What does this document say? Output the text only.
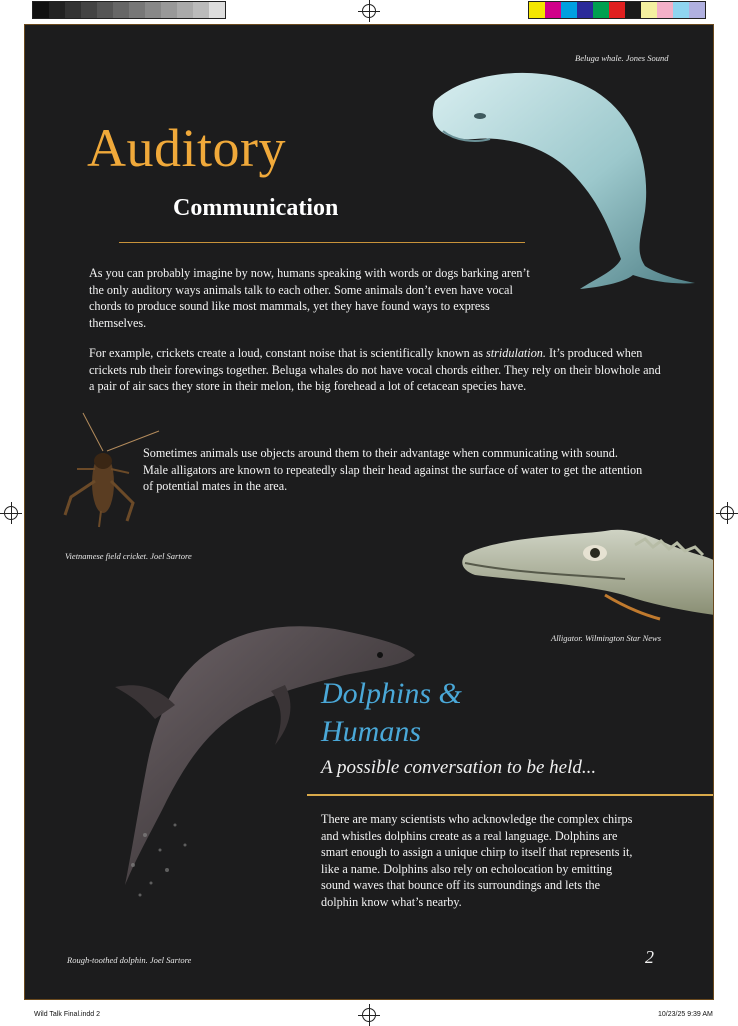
Wild Talk Final.indd 2	10/23/25 9:39 AM
Beluga whale. Jones Sound
Auditory
Communication
As you can probably imagine by now, humans speaking with words or dogs barking aren’t the only auditory ways animals talk to each other. Some animals don’t even have vocal chords to produce sound like most mammals, yet they have found ways to express themselves.
For example, crickets create a loud, constant noise that is scientifically known as stridulation. It’s produced when crickets rub their forewings together. Beluga whales do not have vocal chords either. They rely on their blowhole and a pair of air sacs they store in their melon, the big forehead a lot of cetacean species have.
Sometimes animals use objects around them to their advantage when communicating with sound. Male alligators are known to repeatedly slap their head against the surface of water to get the attention of potential mates in the area.
Vietnamese field cricket. Joel Sartore
Alligator. Wilmington Star News
Dolphins &
Humans
A possible conversation to be held...
There are many scientists who acknowledge the complex chirps and whistles dolphins create as a real language. Dolphins are smart enough to assign a unique chirp to itself that represents it, like a name. Dolphins also rely on echolocation by emitting sound waves that bounce off its surroundings and lets the dolphin know what’s nearby.
Rough-toothed dolphin. Joel Sartore	2
